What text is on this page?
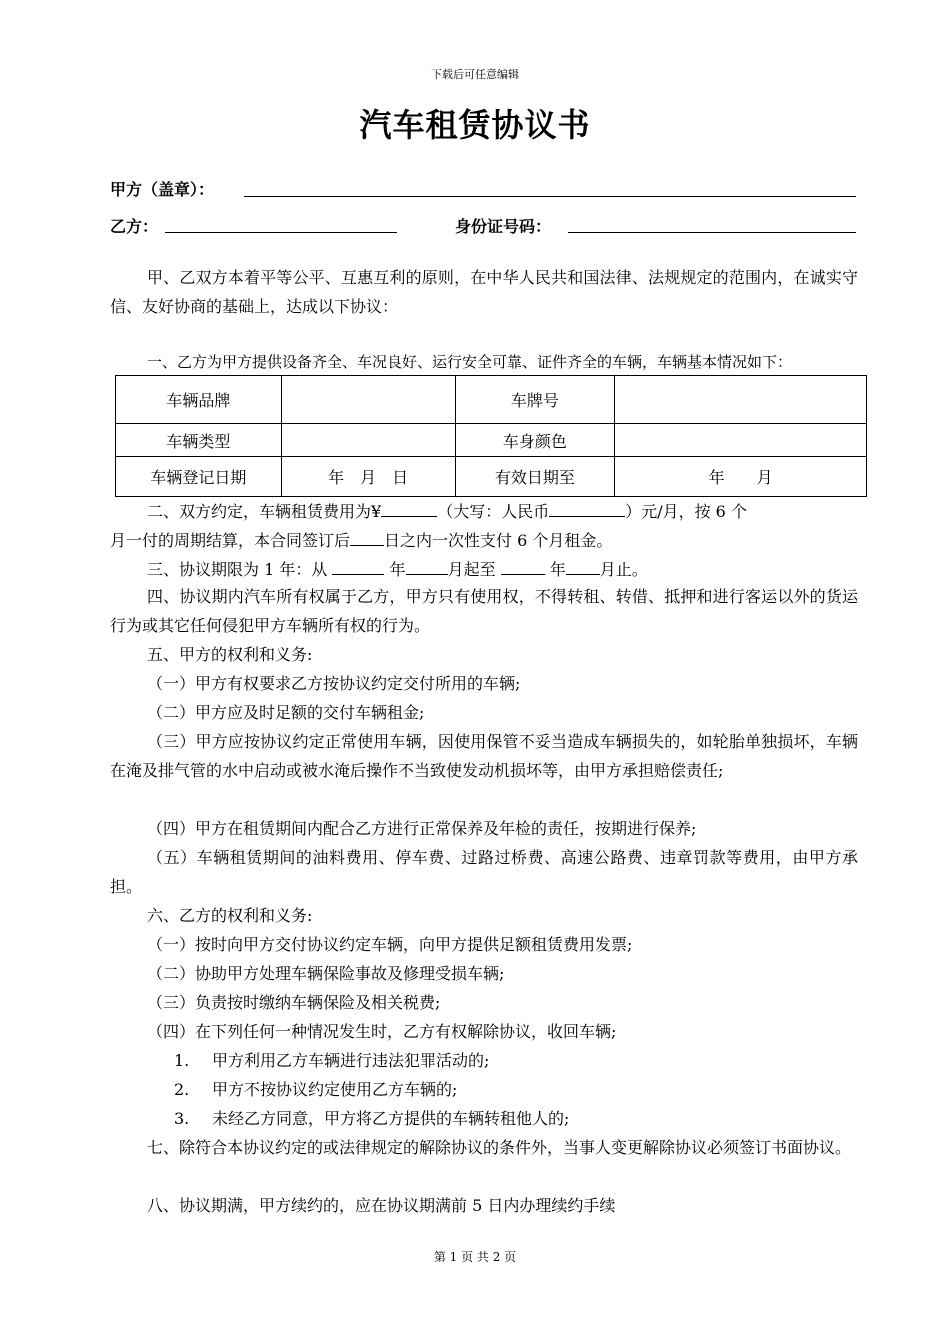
下载后可任意编辑
汽车租赁协议书
甲方（盖章）：
乙方：	身份证号码：
甲、乙双方本着平等公平、互惠互利的原则，在中华人民共和国法律、法规规定的范围内，在诚实守信、友好协商的基础上，达成以下协议：
一、乙方为甲方提供设备齐全、车况良好、运行安全可靠、证件齐全的车辆，车辆基本情况如下：
车辆品牌		车牌号	
车辆类型		车身颜色	
车辆登记日期	年　月　日	有效日期至	年　　月
二、双方约定，车辆租赁费用为¥	（大写：人民币	）元/月，按 6 个
月一付的周期结算，本合同签订后 日之内一次性支付 6 个月租金。
三、协议期限为 1 年：从	年	月起至	年 月止。
四、协议期内汽车所有权属于乙方，甲方只有使用权，不得转租、转借、抵押和进行客运以外的货运行为或其它任何侵犯甲方车辆所有权的行为。
五、甲方的权利和义务:
（一）甲方有权要求乙方按协议约定交付所用的车辆;
（二）甲方应及时足额的交付车辆租金;
（三）甲方应按协议约定正常使用车辆，因使用保管不妥当造成车辆损失的，如轮胎单独损坏，车辆在淹及排气管的水中启动或被水淹后操作不当致使发动机损坏等，由甲方承担赔偿责任;
（四）甲方在租赁期间内配合乙方进行正常保养及年检的责任，按期进行保养;
（五）车辆租赁期间的油料费用、停车费、过路过桥费、高速公路费、违章罚款等费用，由甲方承担。
六、乙方的权利和义务:
（一）按时向甲方交付协议约定车辆，向甲方提供足额租赁费用发票;
（二）协助甲方处理车辆保险事故及修理受损车辆;
（三）负责按时缴纳车辆保险及相关税费;
（四）在下列任何一种情况发生时，乙方有权解除协议，收回车辆;
1. 甲方利用乙方车辆进行违法犯罪活动的;
2. 甲方不按协议约定使用乙方车辆的;
3. 未经乙方同意，甲方将乙方提供的车辆转租他人的;
七、除符合本协议约定的或法律规定的解除协议的条件外，当事人变更解除协议必须签订书面协议。
八、协议期满，甲方续约的，应在协议期满前 5 日内办理续约手续
第 1 页 共 2 页
